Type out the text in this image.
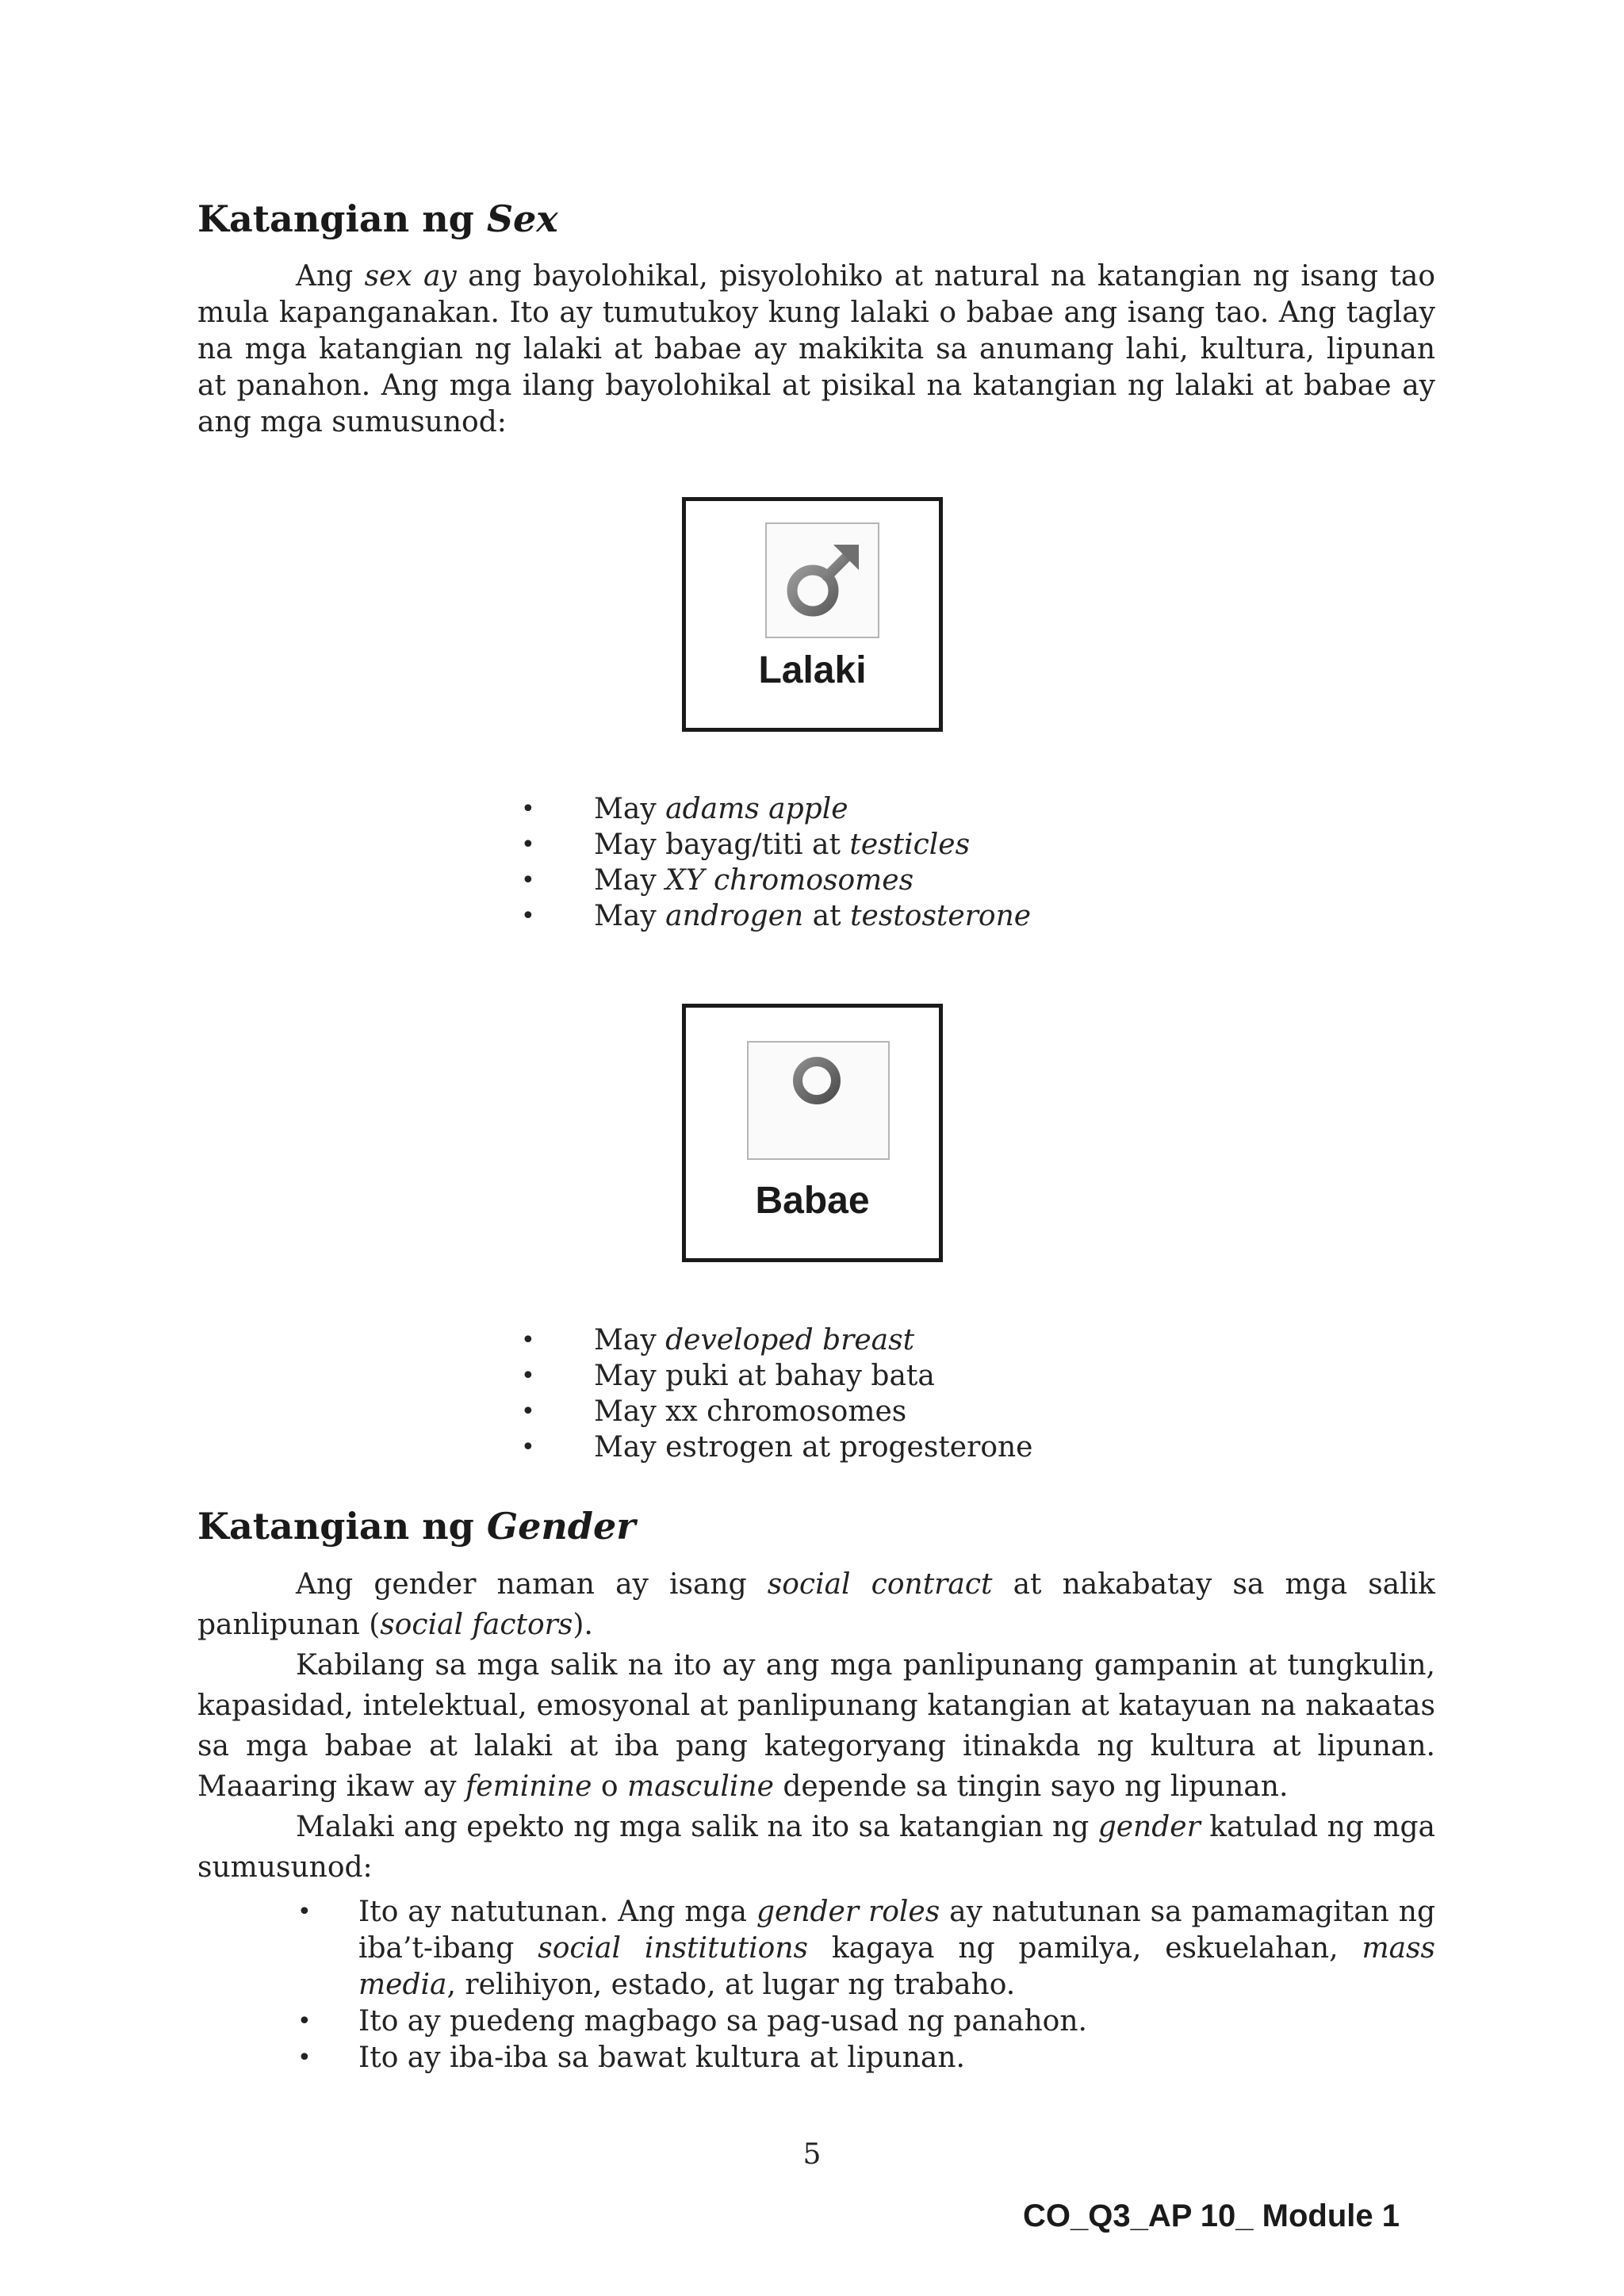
Katangian ng Sex

Ang sex ay ang bayolohikal, pisyolohiko at natural na katangian ng isang tao mula kapanganakan. Ito ay tumutukoy kung lalaki o babae ang isang tao. Ang taglay na mga katangian ng lalaki at babae ay makikita sa anumang lahi, kultura, lipunan at panahon. Ang mga ilang bayolohikal at pisikal na katangian ng lalaki at babae ay ang mga sumusunod:

Lalaki
• May adams apple
• May bayag/titi at testicles
• May XY chromosomes
• May androgen at testosterone
Babae
• May developed breast
• May puki at bahay bata
• May xx chromosomes
• May estrogen at progesterone
Katangian ng Gender

Ang gender naman ay isang social contract at nakabatay sa mga salik panlipunan (social factors).

Kabilang sa mga salik na ito ay ang mga panlipunang gampanin at tungkulin, kapasidad, intelektual, emosyonal at panlipunang katangian at katayuan na nakaatas sa mga babae at lalaki at iba pang kategoryang itinakda ng kultura at lipunan. Maaaring ikaw ay feminine o masculine depende sa tingin sayo ng lipunan.

Malaki ang epekto ng mga salik na ito sa katangian ng gender katulad ng mga sumusunod:

• Ito ay natutunan. Ang mga gender roles ay natutunan sa pamamagitan ng iba’t-ibang social institutions kagaya ng pamilya, eskuelahan, mass media, relihiyon, estado, at lugar ng trabaho.
• Ito ay puedeng magbago sa pag-usad ng panahon.
• Ito ay iba-iba sa bawat kultura at lipunan.
5
CO_Q3_AP 10_ Module 1
